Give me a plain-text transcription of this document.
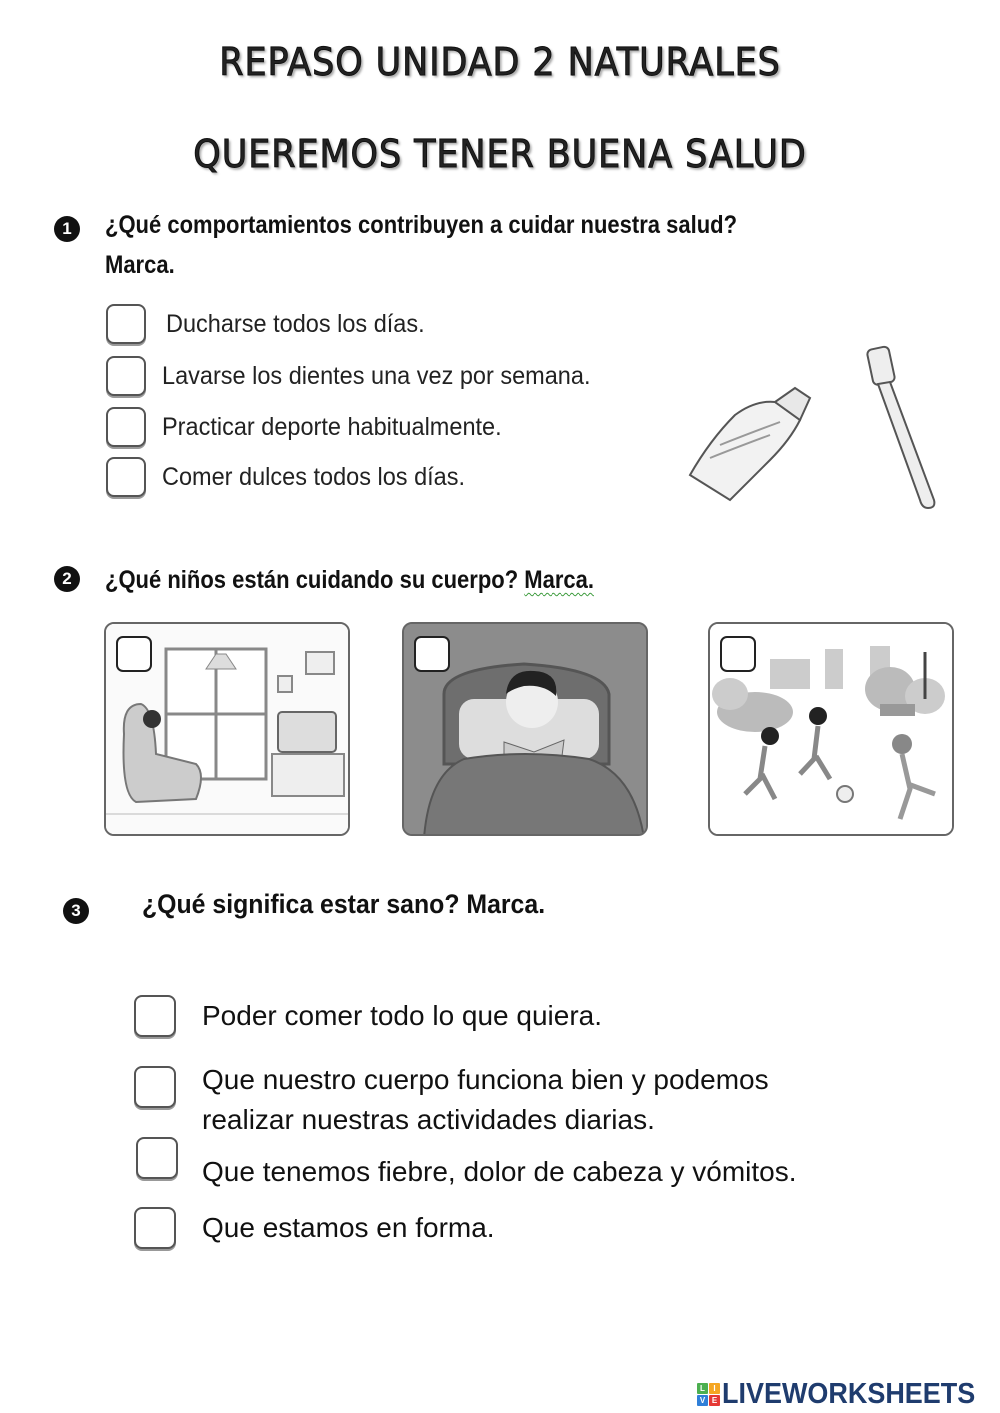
REPASO UNIDAD 2 NATURALES
QUEREMOS TENER BUENA SALUD
1	¿Qué comportamientos contribuyen a cuidar nuestra salud?
Marca.
Ducharse todos los días.
Lavarse los dientes una vez por semana.
Practicar deporte habitualmente.
Comer dulces todos los días.
2	¿Qué niños están cuidando su cuerpo? Marca.
3	¿Qué significa estar sano? Marca.
Poder comer todo lo que quiera.
Que nuestro cuerpo funciona bien y podemos
realizar nuestras actividades diarias.
Que tenemos fiebre, dolor de cabeza y vómitos.
Que estamos en forma.
L	I
V E LIVEWORKSHEETS
